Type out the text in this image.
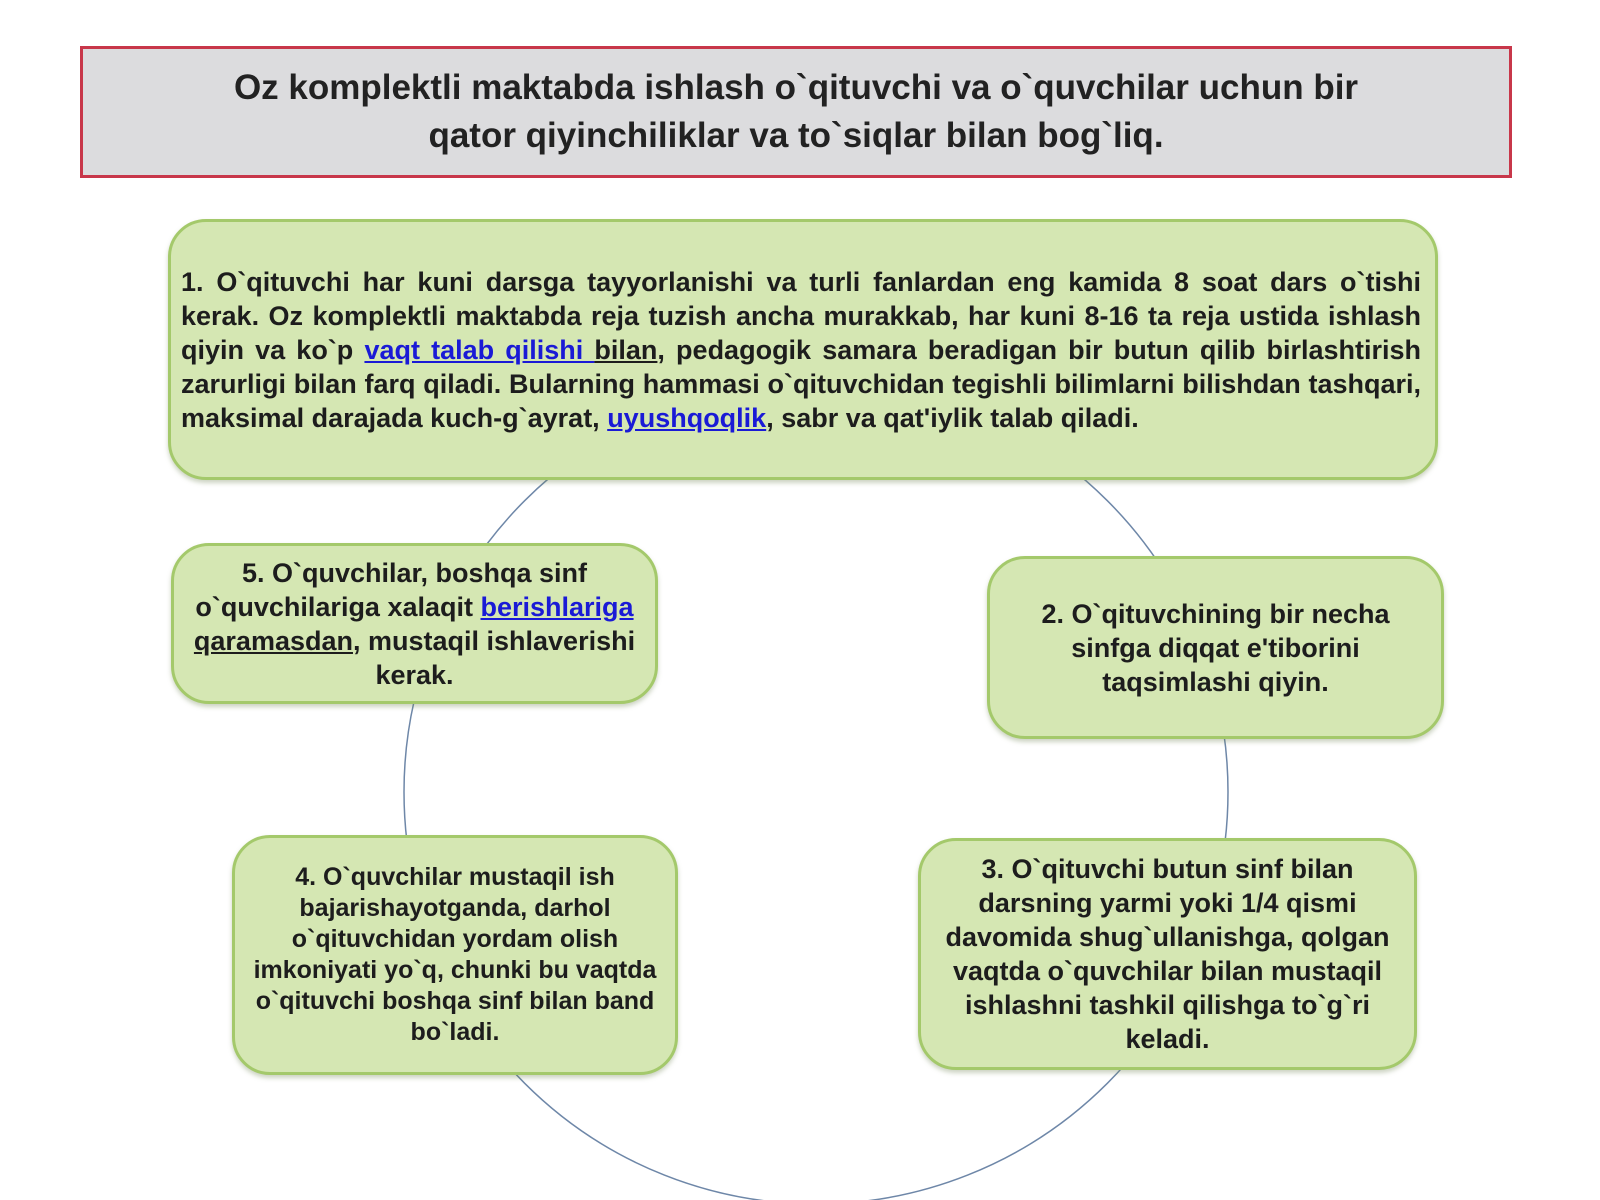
Oz komplektli maktabda ishlash o`qituvchi va o`quvchilar uchun bir qator qiyinchiliklar va to`siqlar bilan bog`liq.

1. O`qituvchi har kuni darsga tayyorlanishi va turli fanlardan eng kamida 8 soat dars o`tishi kerak. Oz komplektli maktabda reja tuzish ancha murakkab, har kuni 8-16 ta reja ustida ishlash qiyin va ko`p vaqt talab qilishi bilan, pedagogik samara beradigan bir butun qilib birlashtirish zarurligi bilan farq qiladi. Bularning hammasi o`qituvchidan tegishli bilimlarni bilishdan tashqari, maksimal darajada kuch-g`ayrat, uyushqoqlik, sabr va qat'iylik talab qiladi.

5. O`quvchilar, boshqa sinf o`quvchilariga xalaqit berishlariga qaramasdan, mustaqil ishlaverishi kerak.

2. O`qituvchining bir necha sinfga diqqat e'tiborini taqsimlashi qiyin.

4. O`quvchilar mustaqil ish bajarishayotganda, darhol o`qituvchidan yordam olish imkoniyati yo`q, chunki bu vaqtda o`qituvchi boshqa sinf bilan band bo`ladi.

3. O`qituvchi butun sinf bilan darsning yarmi yoki 1/4 qismi davomida shug`ullanishga, qolgan vaqtda o`quvchilar bilan mustaqil ishlashni tashkil qilishga to`g`ri keladi.
